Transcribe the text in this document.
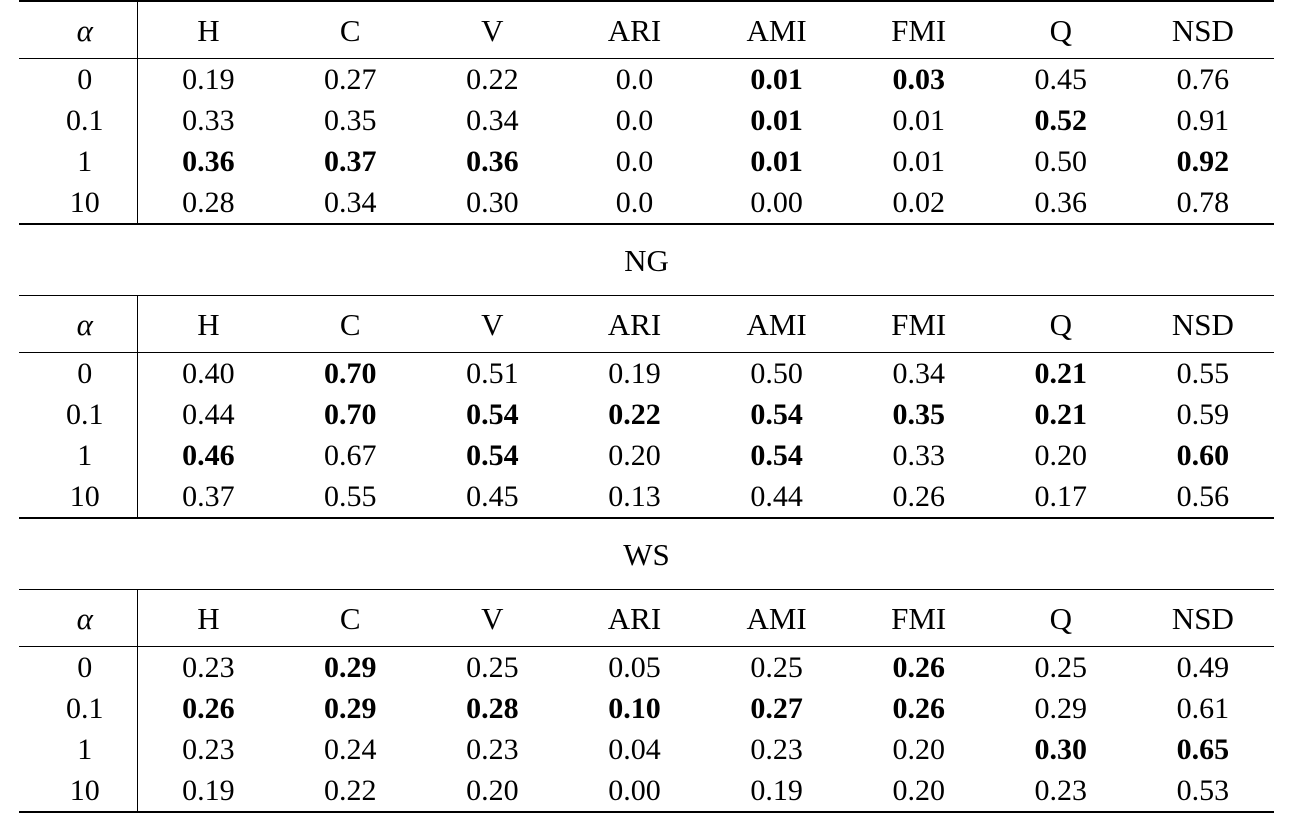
α	H	C	V	ARI	AMI	FMI	Q	NSD
0	0.19	0.27	0.22	0.0	0.01	0.03	0.45	0.76
0.1	0.33	0.35	0.34	0.0	0.01	0.01	0.52	0.91
1	0.36	0.37	0.36	0.0	0.01	0.01	0.50	0.92
10	0.28	0.34	0.30	0.0	0.00	0.02	0.36	0.78
NG								
α	H	C	V	ARI	AMI	FMI	Q	NSD
0	0.40	0.70	0.51	0.19	0.50	0.34	0.21	0.55
0.1	0.44	0.70	0.54	0.22	0.54	0.35	0.21	0.59
1	0.46	0.67	0.54	0.20	0.54	0.33	0.20	0.60
10	0.37	0.55	0.45	0.13	0.44	0.26	0.17	0.56
WS								
α	H	C	V	ARI	AMI	FMI	Q	NSD
0	0.23	0.29	0.25	0.05	0.25	0.26	0.25	0.49
0.1	0.26	0.29	0.28	0.10	0.27	0.26	0.29	0.61
1	0.23	0.24	0.23	0.04	0.23	0.20	0.30	0.65
10	0.19	0.22	0.20	0.00	0.19	0.20	0.23	0.53
